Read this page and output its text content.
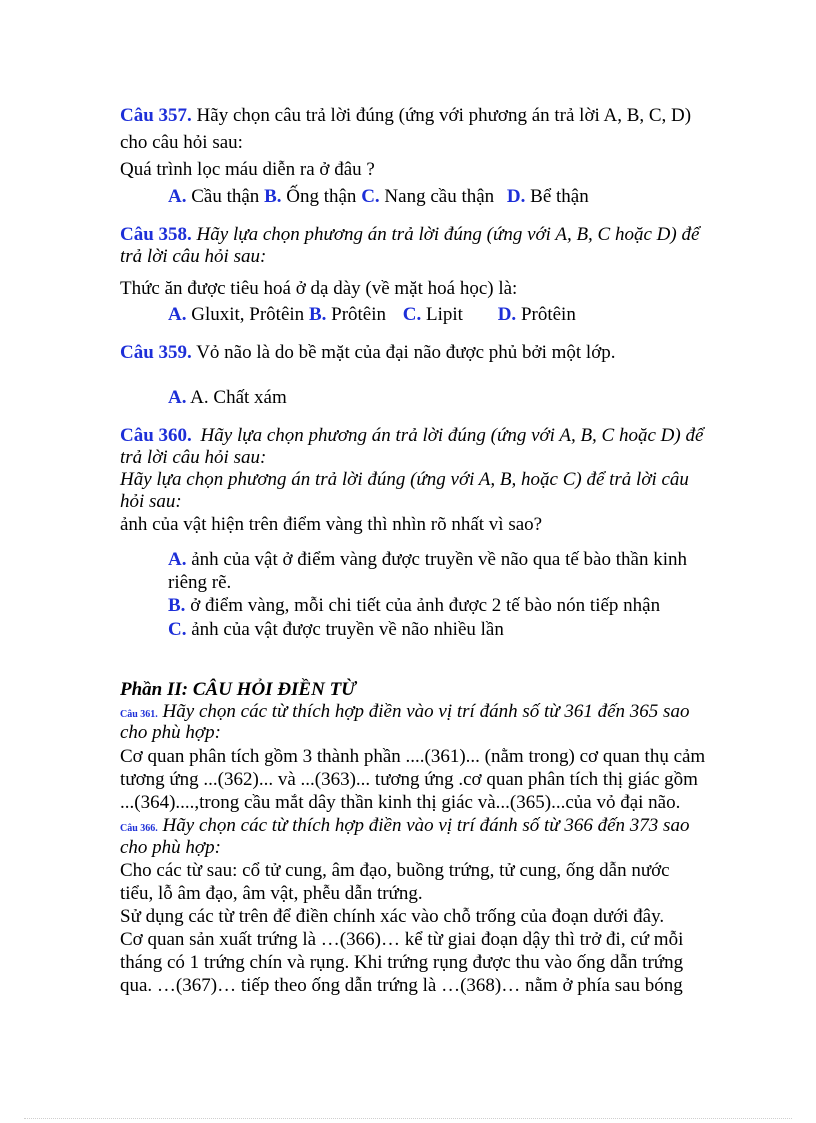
Câu 357. Hãy chọn câu trả lời đúng (ứng với phương án trả lời A, B, C, D)
cho câu hỏi sau:
Quá trình lọc máu diễn ra ở đâu ?
A. Cầu thận B. Ống thận C. Nang cầu thận D. Bể thận
Câu 358. Hãy lựa chọn phương án trả lời đúng (ứng với A, B, C hoặc D) để
trả lời câu hỏi sau:
Thức ăn được tiêu hoá ở dạ dày (về mặt hoá học) là:
A. Gluxit, Prôtêin B. Prôtêin C. Lipit D. Prôtêin
Câu 359. Vỏ não là do bề mặt của đại não được phủ bởi một lớp.
A. A. Chất xám
Câu 360. Hãy lựa chọn phương án trả lời đúng (ứng với A, B, C hoặc D) để
trả lời câu hỏi sau:
Hãy lựa chọn phương án trả lời đúng (ứng với A, B, hoặc C) để trả lời câu
hỏi sau:
ảnh của vật hiện trên điểm vàng thì nhìn rõ nhất vì sao?
A. ảnh của vật ở điểm vàng được truyền về não qua tế bào thần kinh
riêng rẽ.
B. ở điểm vàng, mỗi chi tiết của ảnh được 2 tế bào nón tiếp nhận
C. ảnh của vật được truyền về não nhiều lần
Phần II: CÂU HỎI ĐIỀN TỪ
Câu 361. Hãy chọn các từ thích hợp điền vào vị trí đánh số từ 361 đến 365 sao
cho phù hợp:
Cơ quan phân tích gồm 3 thành phần ....(361)... (nằm trong) cơ quan thụ cảm
tương ứng ...(362)... và ...(363)... tương ứng .cơ quan phân tích thị giác gồm
...(364)....,trong cầu mắt dây thần kinh thị giác và...(365)...của vỏ đại não.
Câu 366. Hãy chọn các từ thích hợp điền vào vị trí đánh số từ 366 đến 373 sao
cho phù hợp:
Cho các từ sau: cổ tử cung, âm đạo, buồng trứng, tử cung, ống dẫn nước
tiểu, lỗ âm đạo, âm vật, phễu dẫn trứng.
Sử dụng các từ trên để điền chính xác vào chỗ trống của đoạn dưới đây.
Cơ quan sản xuất trứng là …(366)… kể từ giai đoạn dậy thì trở đi, cứ mỗi
tháng có 1 trứng chín và rụng. Khi trứng rụng được thu vào ống dẫn trứng
qua. …(367)… tiếp theo ống dẫn trứng là …(368)… nằm ở phía sau bóng
